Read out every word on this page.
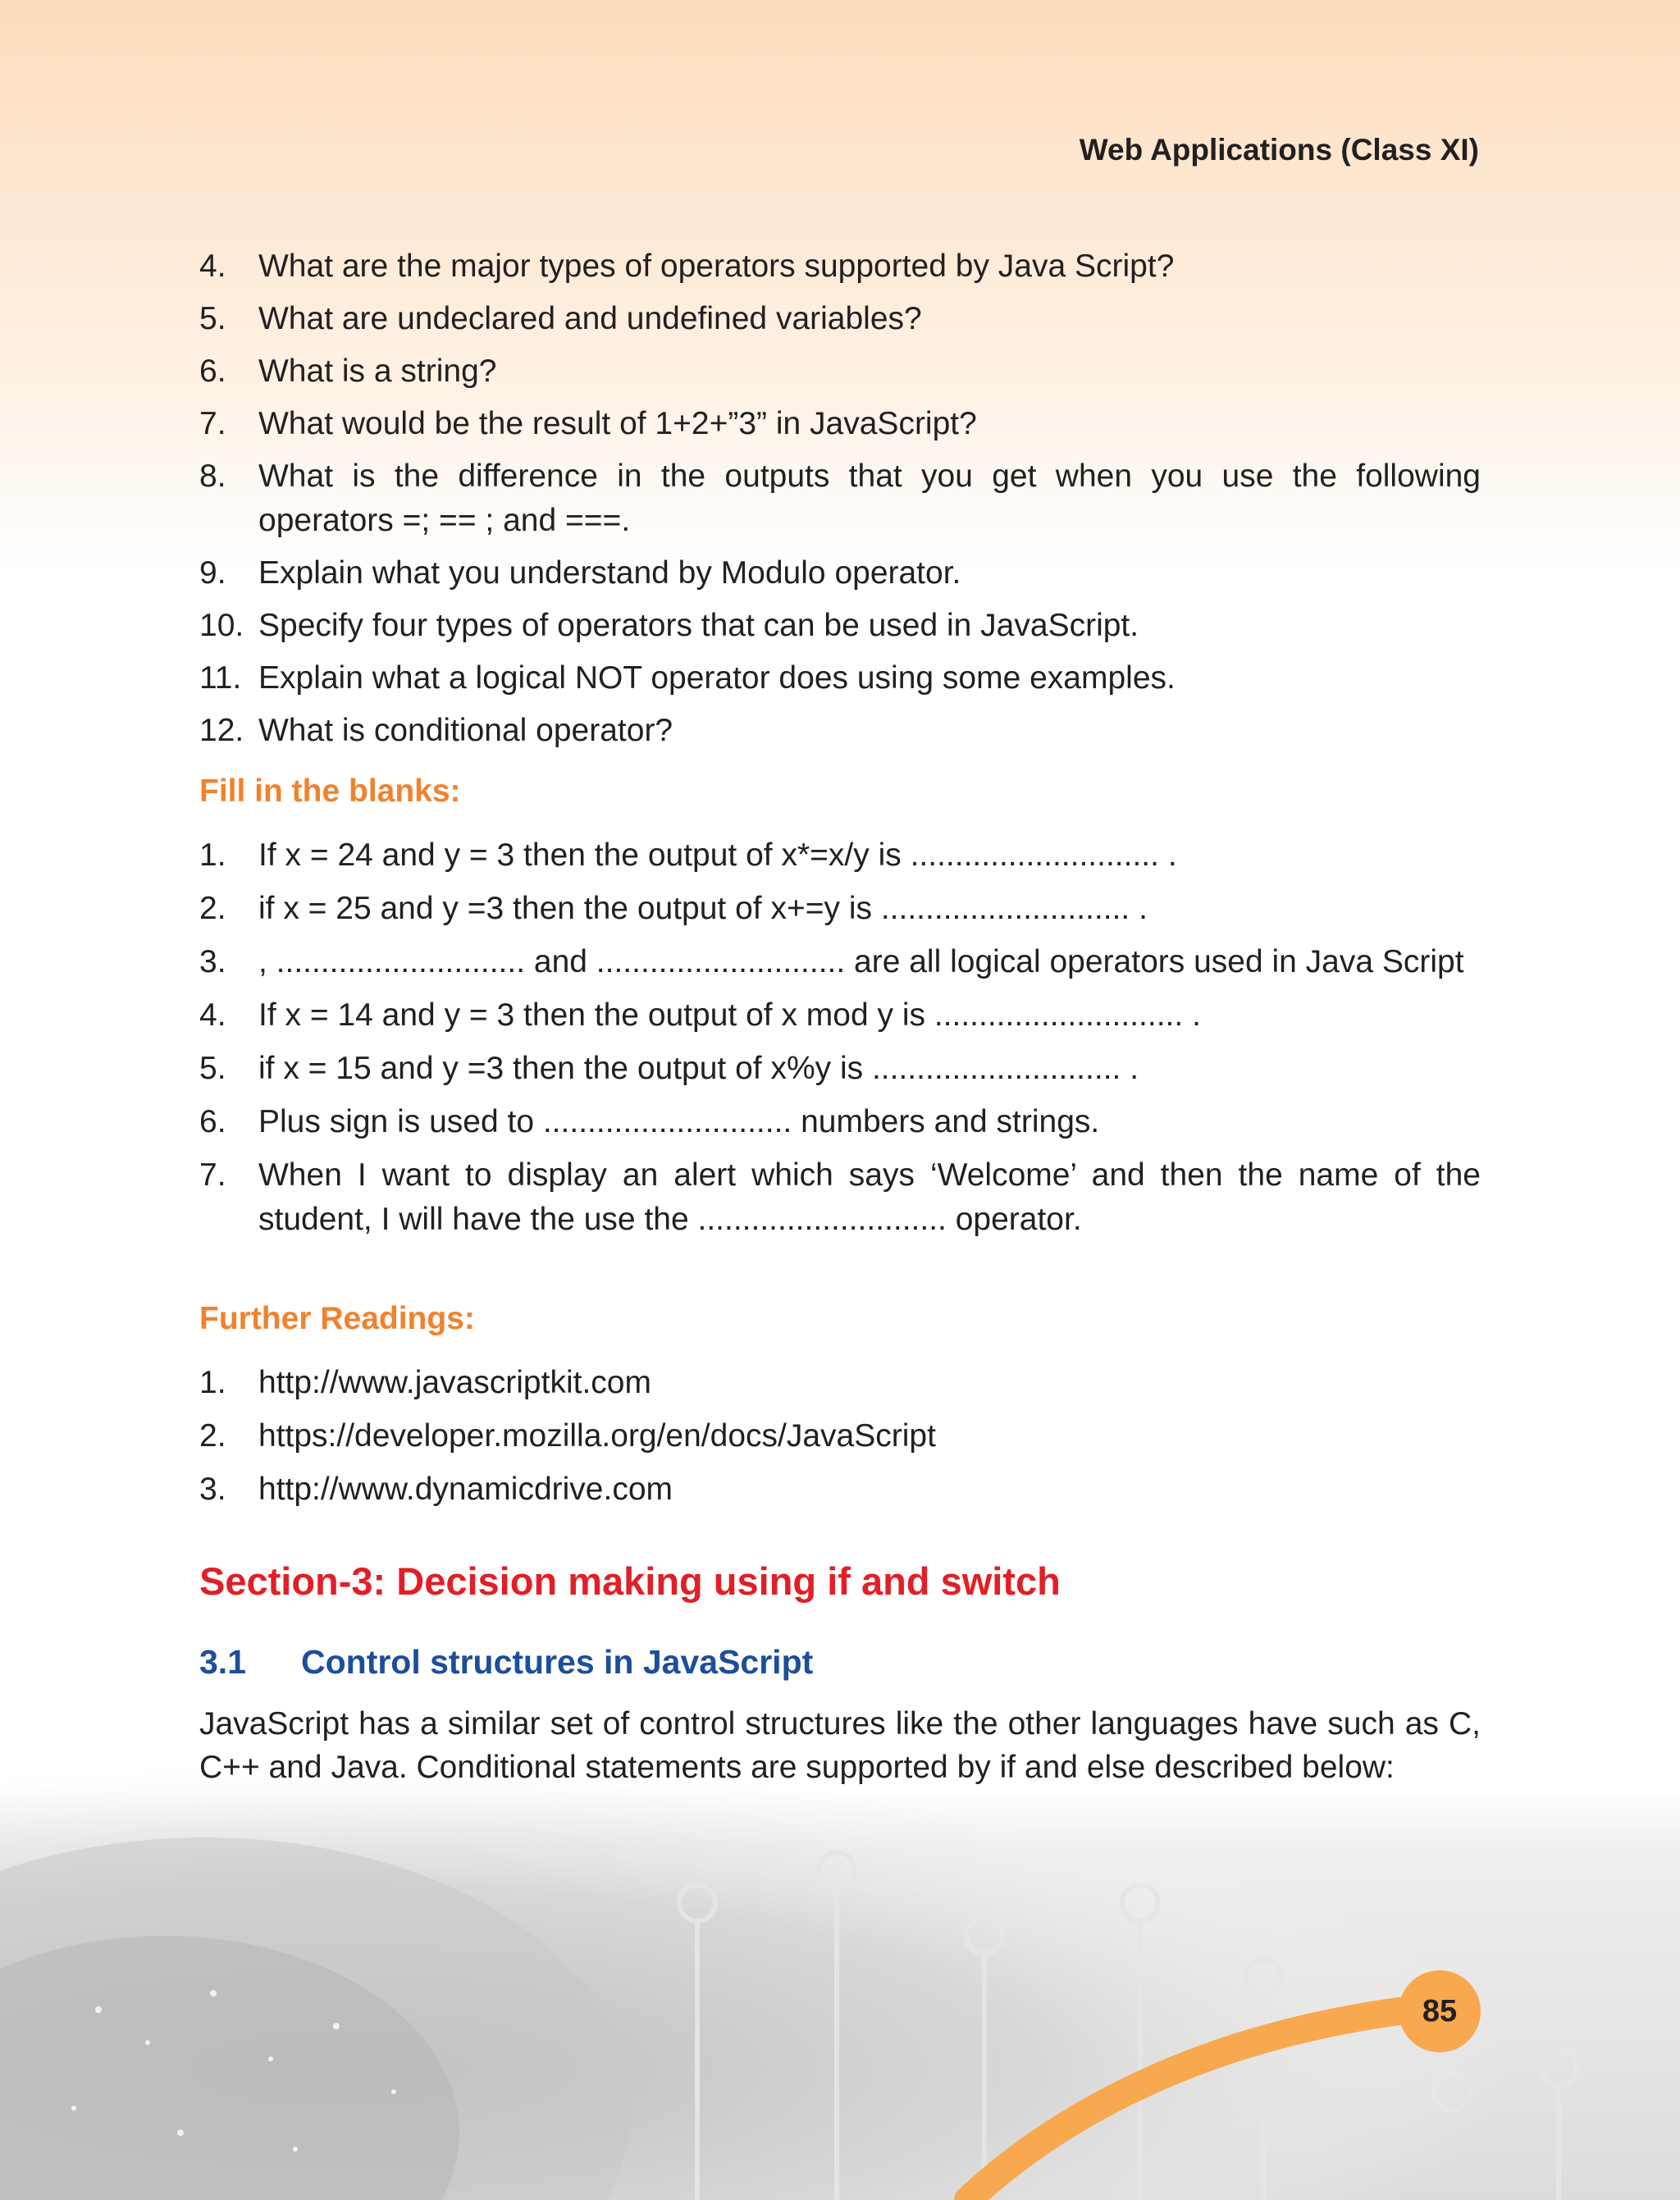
Web Applications (Class XI)
4. What are the major types of operators supported by Java Script?
5. What are undeclared and undefined variables?
6. What is a string?
7. What would be the result of 1+2+”3” in JavaScript?
8. What is the difference in the outputs that you get when you use the following operators =; == ; and ===.
9. Explain what you understand by Modulo operator.
10. Specify four types of operators that can be used in JavaScript.
11. Explain what a logical NOT operator does using some examples.
12. What is conditional operator?
Fill in the blanks:
1. If x = 24 and y = 3 then the output of x*=x/y is ............................ .
2. if x = 25 and y =3 then the output of x+=y is ............................ .
3. , ............................ and ............................ are all logical operators used in Java Script
4. If x = 14 and y = 3 then the output of x mod y is ............................ .
5. if x = 15 and y =3 then the output of x%y is ............................ .
6. Plus sign is used to ............................ numbers and strings.
7. When I want to display an alert which says ‘Welcome’ and then the name of the student, I will have the use the ............................ operator.
Further Readings:
1. http://www.javascriptkit.com
2. https://developer.mozilla.org/en/docs/JavaScript
3. http://www.dynamicdrive.com
Section-3: Decision making using if and switch
3.1 Control structures in JavaScript

JavaScript has a similar set of control structures like the other languages have such as C, C++ and Java. Conditional statements are supported by if and else described below:

85
